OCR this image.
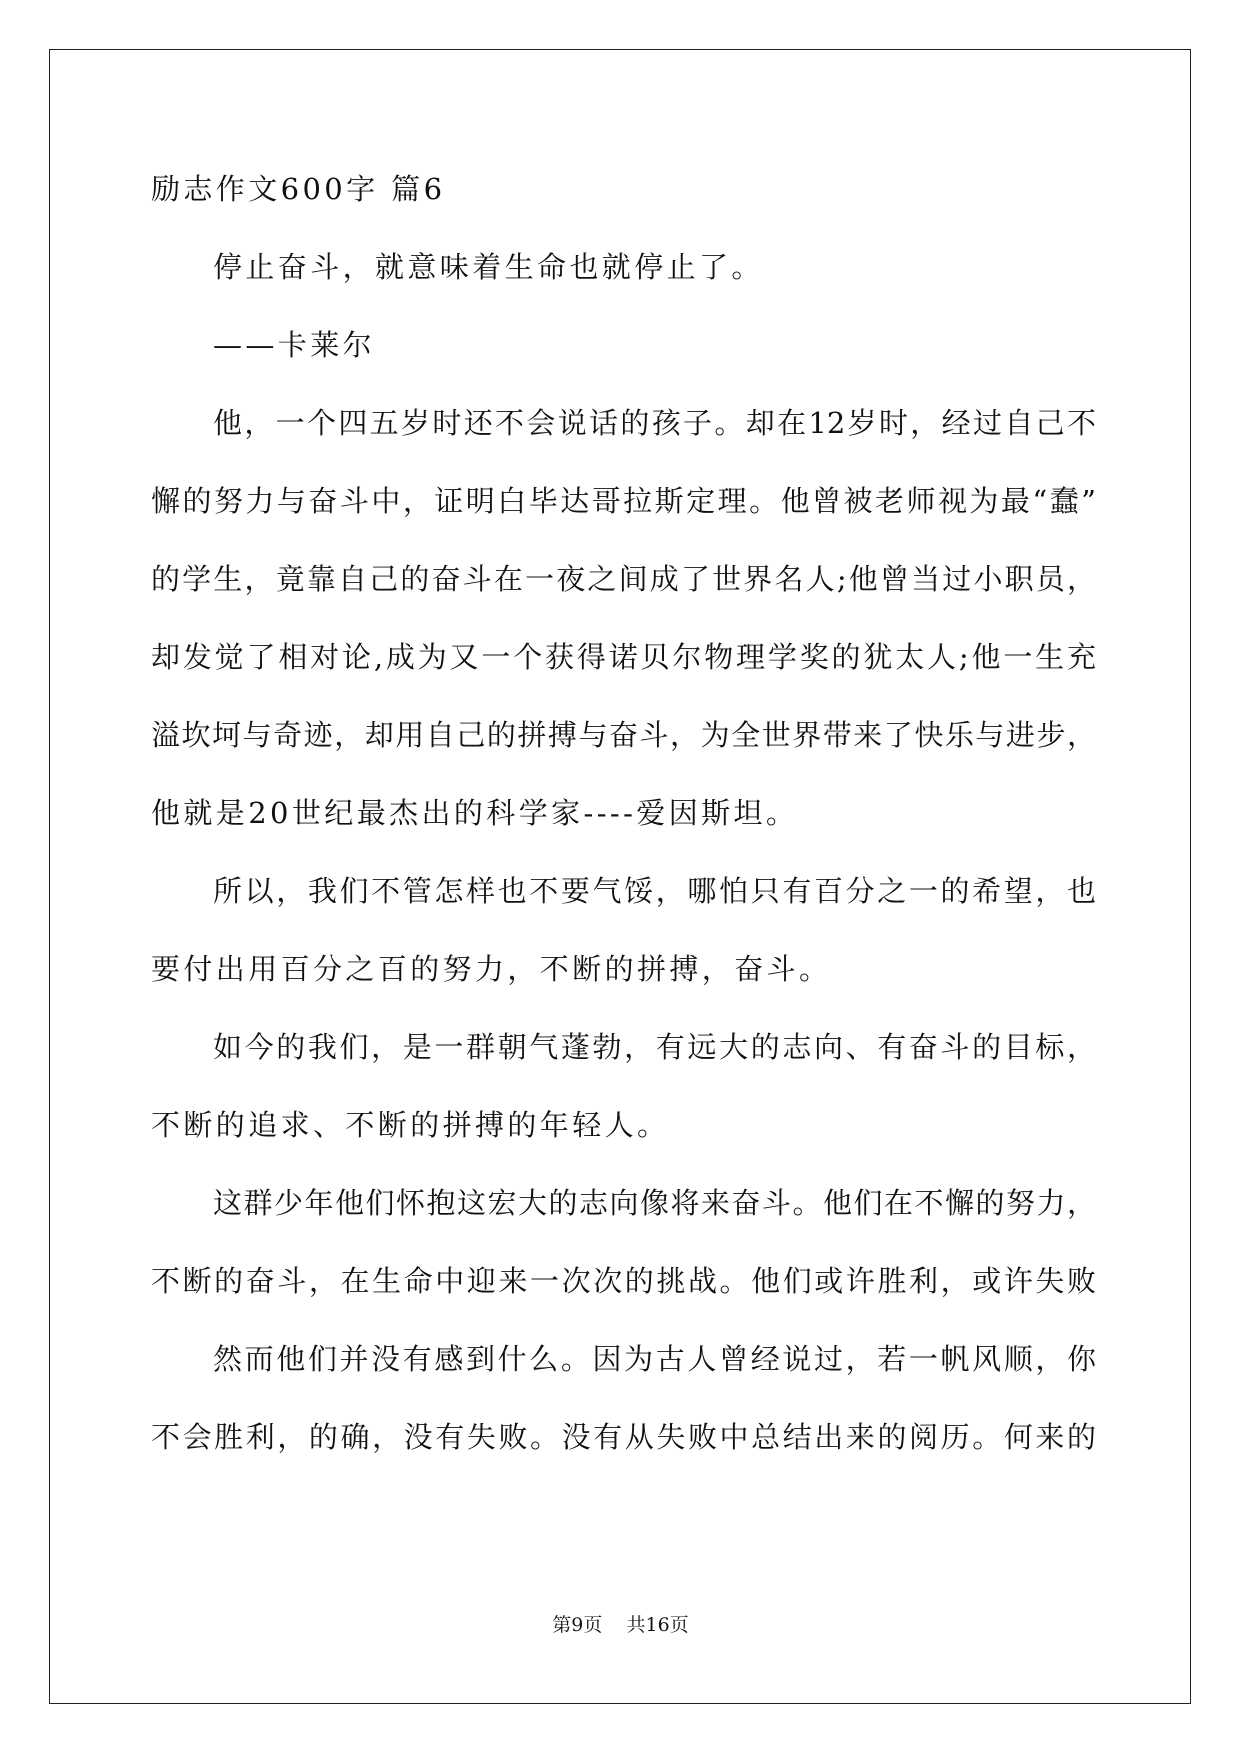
励志作文600字 篇6
停止奋斗，就意味着生命也就停止了。
——卡莱尔
他，一个四五岁时还不会说话的孩子。却在12岁时，经过自己不
懈的努力与奋斗中，证明白毕达哥拉斯定理。他曾被老师视为最“蠢”
的学生，竟靠自己的奋斗在一夜之间成了世界名人;他曾当过小职员，
却发觉了相对论,成为又一个获得诺贝尔物理学奖的犹太人;他一生充
溢坎坷与奇迹，却用自己的拼搏与奋斗，为全世界带来了快乐与进步，
他就是20世纪最杰出的科学家----爱因斯坦。
所以，我们不管怎样也不要气馁，哪怕只有百分之一的希望，也
要付出用百分之百的努力，不断的拼搏，奋斗。
如今的我们，是一群朝气蓬勃，有远大的志向、有奋斗的目标，
不断的追求、不断的拼搏的年轻人。
这群少年他们怀抱这宏大的志向像将来奋斗。他们在不懈的努力，
不断的奋斗，在生命中迎来一次次的挑战。他们或许胜利，或许失败
然而他们并没有感到什么。因为古人曾经说过，若一帆风顺，你
不会胜利，的确，没有失败。没有从失败中总结出来的阅历。何来的
第9页    共16页
